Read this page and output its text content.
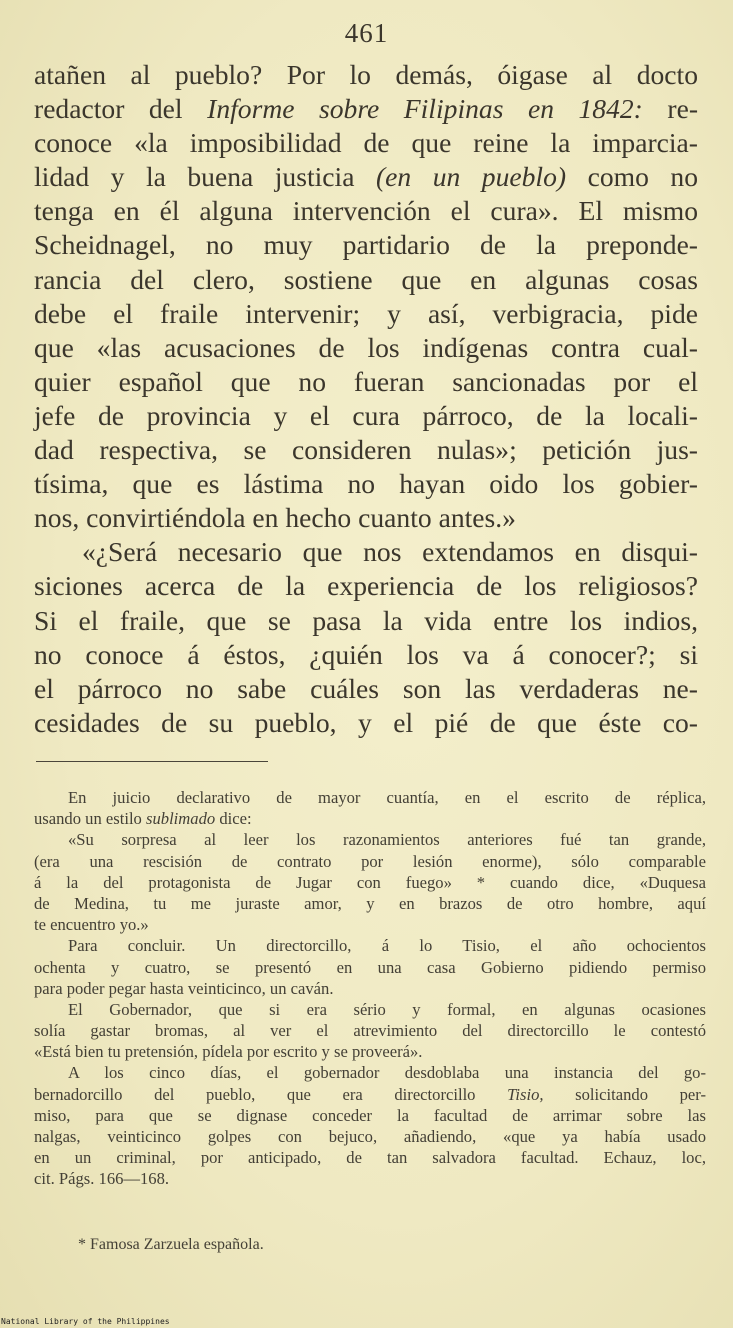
461
atañen al pueblo? Por lo demás, óigase al docto
redactor del Informe sobre Filipinas en 1842: re-
conoce «la imposibilidad de que reine la imparcia-
lidad y la buena justicia (en un pueblo) como no
tenga en él alguna intervención el cura». El mismo
Scheidnagel, no muy partidario de la preponde-
rancia del clero, sostiene que en algunas cosas
debe el fraile intervenir; y así, verbigracia, pide
que «las acusaciones de los indígenas contra cual-
quier español que no fueran sancionadas por el
jefe de provincia y el cura párroco, de la locali-
dad respectiva, se consideren nulas»; petición jus-
tísima, que es lástima no hayan oido los gobier-
nos, convirtiéndola en hecho cuanto antes.»
«¿Será necesario que nos extendamos en disqui-
siciones acerca de la experiencia de los religiosos?
Si el fraile, que se pasa la vida entre los indios,
no conoce á éstos, ¿quién los va á conocer?; si
el párroco no sabe cuáles son las verdaderas ne-
cesidades de su pueblo, y el pié de que éste co-
En juicio declarativo de mayor cuantía, en el escrito de réplica,
usando un estilo sublimado dice:
«Su sorpresa al leer los razonamientos anteriores fué tan grande,
(era una rescisión de contrato por lesión enorme), sólo comparable
á la del protagonista de Jugar con fuego» * cuando dice, «Duquesa
de Medina, tu me juraste amor, y en brazos de otro hombre, aquí
te encuentro yo.»
Para concluir. Un directorcillo, á lo Tisio, el año ochocientos
ochenta y cuatro, se presentó en una casa Gobierno pidiendo permiso
para poder pegar hasta veinticinco, un caván.
El Gobernador, que si era sério y formal, en algunas ocasiones
solía gastar bromas, al ver el atrevimiento del directorcillo le contestó
«Está bien tu pretensión, pídela por escrito y se proveerá».
A los cinco días, el gobernador desdoblaba una instancia del go-
bernadorcillo del pueblo, que era directorcillo Tisio, solicitando per-
miso, para que se dignase conceder la facultad de arrimar sobre las
nalgas, veinticinco golpes con bejuco, añadiendo, «que ya había usado
en un criminal, por anticipado, de tan salvadora facultad. Echauz, loc,
cit. Págs. 166—168.
* Famosa Zarzuela española.
National Library of the Philippines
